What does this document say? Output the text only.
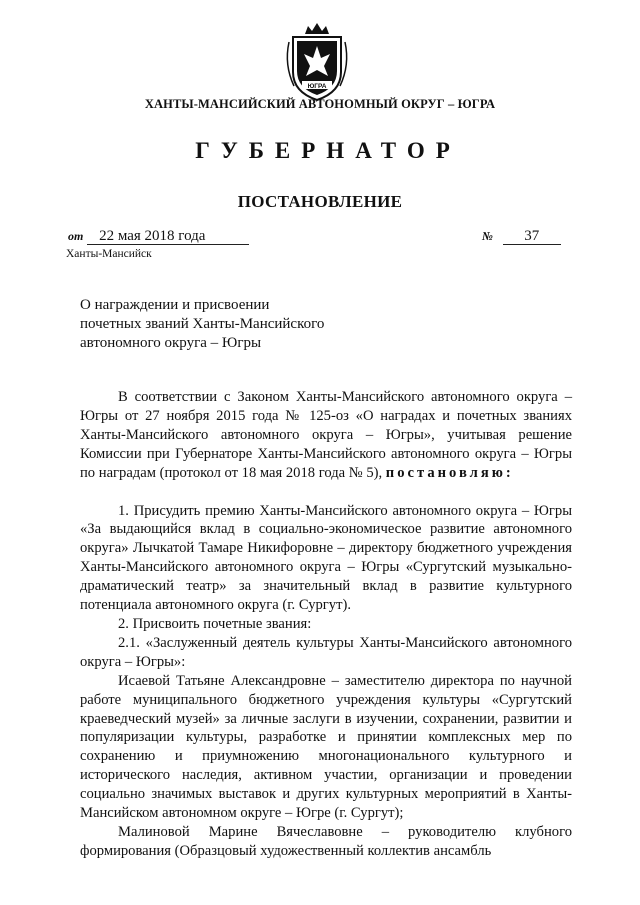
ЮГРА
ХАНТЫ-МАНСИЙСКИЙ АВТОНОМНЫЙ ОКРУГ – ЮГРА
ГУБЕРНАТОР
ПОСТАНОВЛЕНИЕ
от 22 мая 2018 года	№ 37
Ханты-Мансийск
О награждении и присвоении
почетных званий Ханты-Мансийского
автономного округа – Югры

В соответствии с Законом Ханты-Мансийского автономного округа – Югры от 27 ноября 2015 года № 125-оз «О наградах и почетных званиях Ханты-Мансийского автономного округа – Югры», учитывая решение Комиссии при Губернаторе Ханты-Мансийского автономного округа – Югры по наградам (протокол от 18 мая 2018 года № 5), постановляю:

1. Присудить премию Ханты-Мансийского автономного округа – Югры «За выдающийся вклад в социально-экономическое развитие автономного округа» Лычкатой Тамаре Никифоровне – директору бюджетного учреждения Ханты-Мансийского автономного округа – Югры «Сургутский музыкально-драматический театр» за значительный вклад в развитие культурного потенциала автономного округа (г. Сургут).

2. Присвоить почетные звания:

2.1. «Заслуженный деятель культуры Ханты-Мансийского автономного округа – Югры»:

Исаевой Татьяне Александровне – заместителю директора по научной работе муниципального бюджетного учреждения культуры «Сургутский краеведческий музей» за личные заслуги в изучении, сохранении, развитии и популяризации культуры, разработке и принятии комплексных мер по сохранению и приумножению многонационального культурного и исторического наследия, активном участии, организации и проведении социально значимых выставок и других культурных мероприятий в Ханты-Мансийском автономном округе – Югре (г. Сургут);

Малиновой Марине Вячеславовне – руководителю клубного формирования (Образцовый художественный коллектив ансамбль
